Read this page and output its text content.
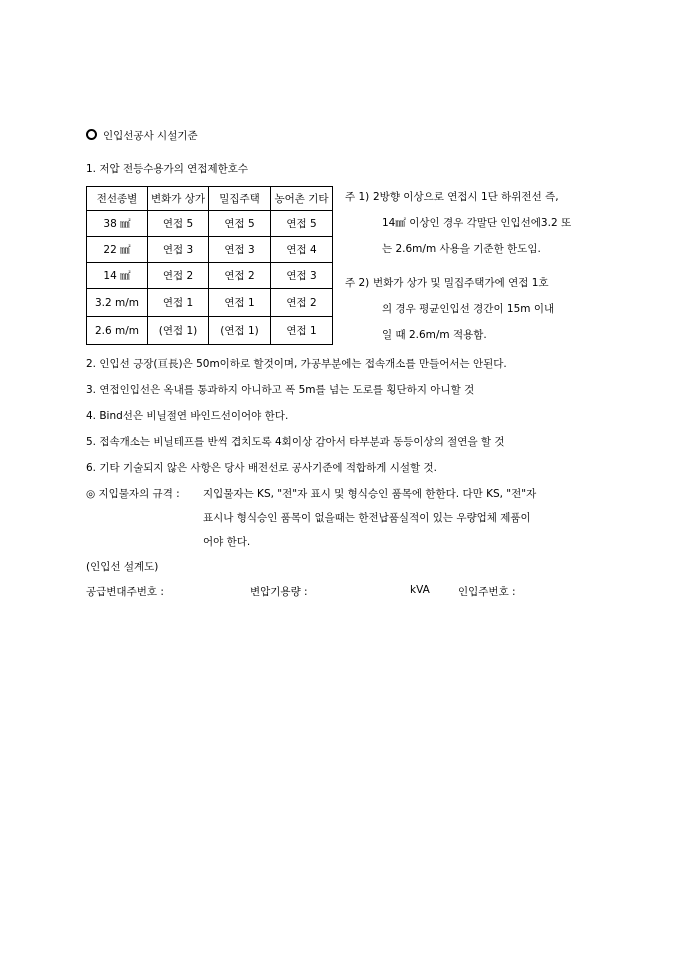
인입선공사 시설기준
1. 저압 전등수용가의 연접제한호수
전선종별	변화가 상가	밀집주택	농어촌 기타
38 ㎟	연접 5	연접 5	연접 5
22 ㎟	연접 3	연접 3	연접 4
14 ㎟	연접 2	연접 2	연접 3
3.2 m/m	연접 1	연접 1	연접 2
2.6 m/m	(연접 1)	(연접 1)	연접 1
주 1) 2방향 이상으로 연접시 1단 하위전선 즉,
14㎟ 이상인 경우 각말단 인입선에3.2 또
는 2.6m/m 사용을 기준한 한도임.
주 2) 번화가 상가 및 밀집주택가에 연접 1호
의 경우 평균인입선 경간이 15m 이내
일 때 2.6m/m 적용함.
2. 인입선 긍장(亘長)은 50m이하로 할것이며, 가공부분에는 접속개소를 만들어서는 안된다.
3. 연접인입선은 옥내를 통과하지 아니하고 폭 5m를 넘는 도로를 횡단하지 아니할 것
4. Bind선은 비닐절연 바인드선이어야 한다.
5. 접속개소는 비닐테프를 반씩 겹치도록 4회이상 감아서 타부분과 동등이상의 절연을 할 것
6. 기타 기술되지 않은 사항은 당사 배전선로 공사기준에 적합하게 시설할 것.
◎ 지입물자의 규격 : 지입물자는 KS, "전"자 표시 및 형식승인 품목에 한한다. 다만 KS, "전"자
표시나 형식승인 품목이 없을때는 한전납품실적이 있는 우량업체 제품이
어야 한다.
(인입선 설계도)
공급변대주번호 :	변압기용량 :	kVA	인입주번호 :
